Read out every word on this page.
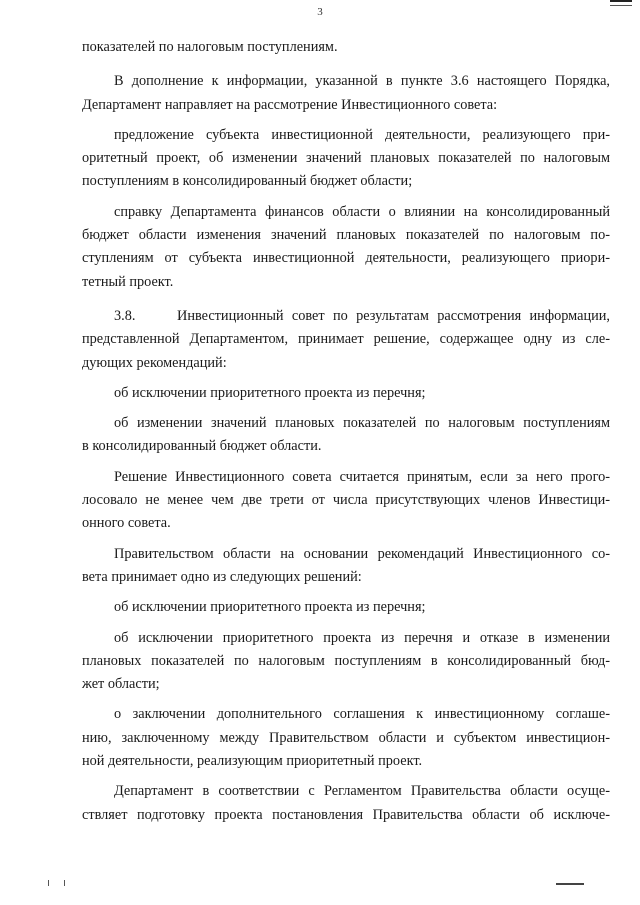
3
показателей по налоговым поступлениям.
В дополнение к информации, указанной в пункте 3.6 настоящего Порядка,
Департамент направляет на рассмотрение Инвестиционного совета:
предложение субъекта инвестиционной деятельности, реализующего при-
оритетный проект, об изменении значений плановых показателей по налоговым
поступлениям в консолидированный бюджет области;
справку Департамента финансов области о влиянии на консолидированный
бюджет области изменения значений плановых показателей по налоговым по-
ступлениям от субъекта инвестиционной деятельности, реализующего приори-
тетный проект.
3.8.     Инвестиционный совет по результатам рассмотрения информации,
представленной Департаментом, принимает решение, содержащее одну из сле-
дующих рекомендаций:
об исключении приоритетного проекта из перечня;
об изменении значений плановых показателей по налоговым поступлениям
в консолидированный бюджет области.
Решение Инвестиционного совета считается принятым, если за него прого-
лосовало не менее чем две трети от числа присутствующих членов Инвестици-
онного совета.
Правительством области на основании рекомендаций Инвестиционного со-
вета принимает одно из следующих решений:
об исключении приоритетного проекта из перечня;
об исключении приоритетного проекта из перечня и отказе в изменении
плановых показателей по налоговым поступлениям в консолидированный бюд-
жет области;
о заключении дополнительного соглашения к инвестиционному соглаше-
нию, заключенному между Правительством области и субъектом инвестицион-
ной деятельности, реализующим приоритетный проект.
Департамент в соответствии с Регламентом Правительства области осуще-
ствляет подготовку проекта постановления Правительства области об исключе-
